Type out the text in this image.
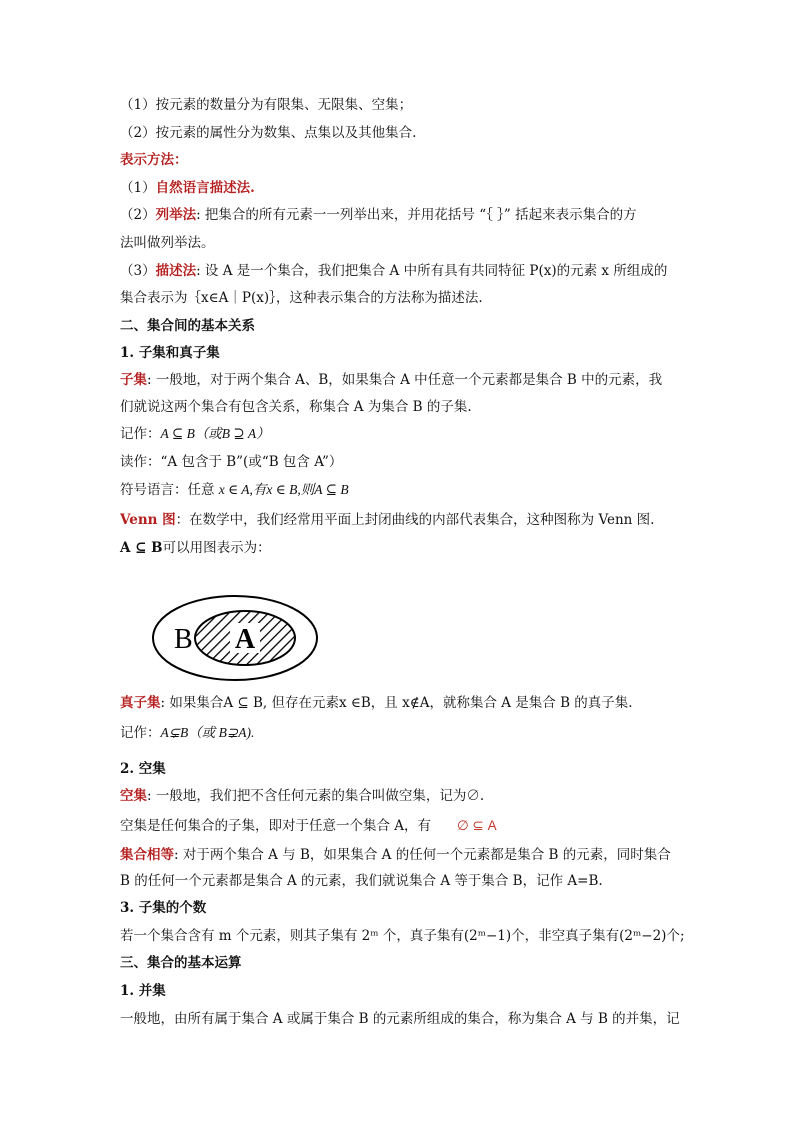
（1）按元素的数量分为有限集、无限集、空集；
（2）按元素的属性分为数集、点集以及其他集合.
表示方法：
（1）自然语言描述法.
（2）列举法: 把集合的所有元素一一列举出来，并用花括号 “｛ ｝” 括起来表示集合的方
法叫做列举法。
（3）描述法: 设 A 是一个集合，我们把集合 A 中所有具有共同特征 P(x)的元素 x 所组成的
集合表示为｛x∈A｜P(x)｝，这种表示集合的方法称为描述法.
二、集合间的基本关系
1. 子集和真子集
子集: 一般地，对于两个集合 A、B，如果集合 A 中任意一个元素都是集合 B 中的元素，我
们就说这两个集合有包含关系，称集合 A 为集合 B 的子集.
记作：A ⊆ B（或B ⊇ A）
读作：“A 包含于 B”(或“B 包含 A”）
符号语言：任意 x ∈ A,有x ∈ B,则A ⊆ B
Venn 图：在数学中，我们经常用平面上封闭曲线的内部代表集合，这种图称为 Venn 图.
A ⊆ B可以用图表示为：
B A
真子集: 如果集合A ⊆ B, 但存在元素x ∈B，且 x∉A，就称集合 A 是集合 B 的真子集.
记作：A⊊B（或 B⊋A).
2. 空集
空集: 一般地，我们把不含任何元素的集合叫做空集，记为∅.
空集是任何集合的子集，即对于任意一个集合 A，有 ∅ ⊆ A
集合相等: 对于两个集合 A 与 B，如果集合 A 的任何一个元素都是集合 B 的元素，同时集合
B 的任何一个元素都是集合 A 的元素，我们就说集合 A 等于集合 B，记作 A=B.
3. 子集的个数
若一个集合含有 m 个元素，则其子集有 2ᵐ 个，真子集有(2ᵐ−1)个，非空真子集有(2ᵐ−2)个;
三、集合的基本运算
1. 并集
一般地，由所有属于集合 A 或属于集合 B 的元素所组成的集合，称为集合 A 与 B 的并集，记
